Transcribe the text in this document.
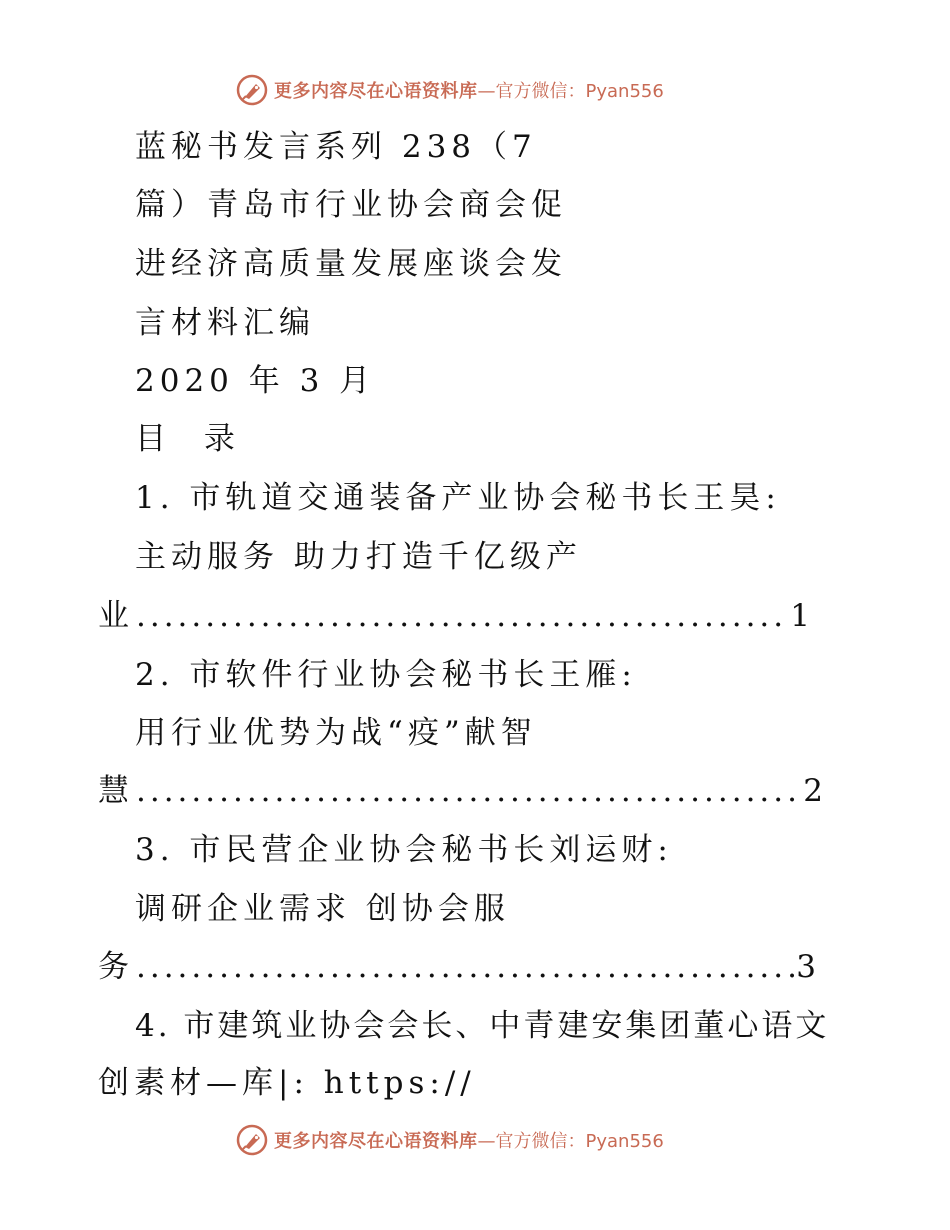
更多内容尽在心语资料库 —官方微信：Pyan556
蓝秘书发言系列 238（7
篇）青岛市行业协会商会促
进经济高质量发展座谈会发
言材料汇编
2020 年 3 月
目 录
1. 市轨道交通装备产业协会秘书长王昊:
主动服务 助力打造千亿级产
业 .....	1
2. 市软件行业协会秘书长王雁:
用行业优势为战“疫”献智
慧 .....	2
3. 市民营企业协会秘书长刘运财:
调研企业需求 创协会服
务 .....	3
4. 市建筑业协会会长、中青建安集团董心语文
创素材—库|: https://
更多内容尽在心语资料库 —官方微信：Pyan556
